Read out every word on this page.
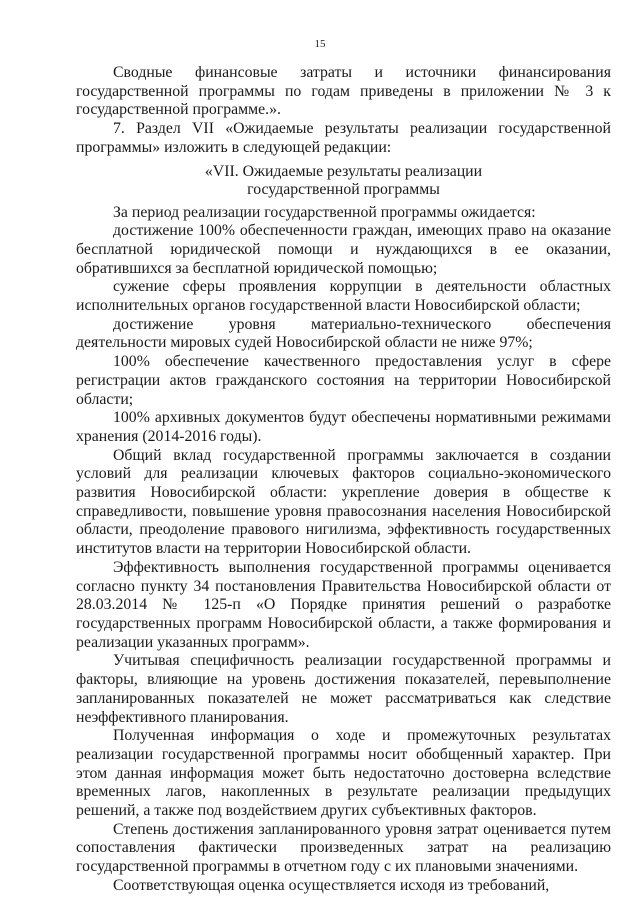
15

Сводные финансовые затраты и источники финансирования государственной программы по годам приведены в приложении № 3 к государственной программе.».

7. Раздел VII «Ожидаемые результаты реализации государственной программы» изложить в следующей редакции:

«VII. Ожидаемые результаты реализации
государственной программы

За период реализации государственной программы ожидается:

достижение 100% обеспеченности граждан, имеющих право на оказание бесплатной юридической помощи и нуждающихся в ее оказании, обратившихся за бесплатной юридической помощью;

сужение сферы проявления коррупции в деятельности областных исполнительных органов государственной власти Новосибирской области;

достижение уровня материально-технического обеспечения деятельности мировых судей Новосибирской области не ниже 97%;

100% обеспечение качественного предоставления услуг в сфере регистрации актов гражданского состояния на территории Новосибирской области;

100% архивных документов будут обеспечены нормативными режимами хранения (2014-2016 годы).

Общий вклад государственной программы заключается в создании условий для реализации ключевых факторов социально-экономического развития Новосибирской области: укрепление доверия в обществе к справедливости, повышение уровня правосознания населения Новосибирской области, преодоление правового нигилизма, эффективность государственных институтов власти на территории Новосибирской области.

Эффективность выполнения государственной программы оценивается согласно пункту 34 постановления Правительства Новосибирской области от 28.03.2014 № 125-п «О Порядке принятия решений о разработке государственных программ Новосибирской области, а также формирования и реализации указанных программ».

Учитывая специфичность реализации государственной программы и факторы, влияющие на уровень достижения показателей, перевыполнение запланированных показателей не может рассматриваться как следствие неэффективного планирования.

Полученная информация о ходе и промежуточных результатах реализации государственной программы носит обобщенный характер. При этом данная информация может быть недостаточно достоверна вследствие временных лагов, накопленных в результате реализации предыдущих решений, а также под воздействием других субъективных факторов.

Степень достижения запланированного уровня затрат оценивается путем сопоставления фактически произведенных затрат на реализацию государственной программы в отчетном году с их плановыми значениями.

Соответствующая оценка осуществляется исходя из требований,
